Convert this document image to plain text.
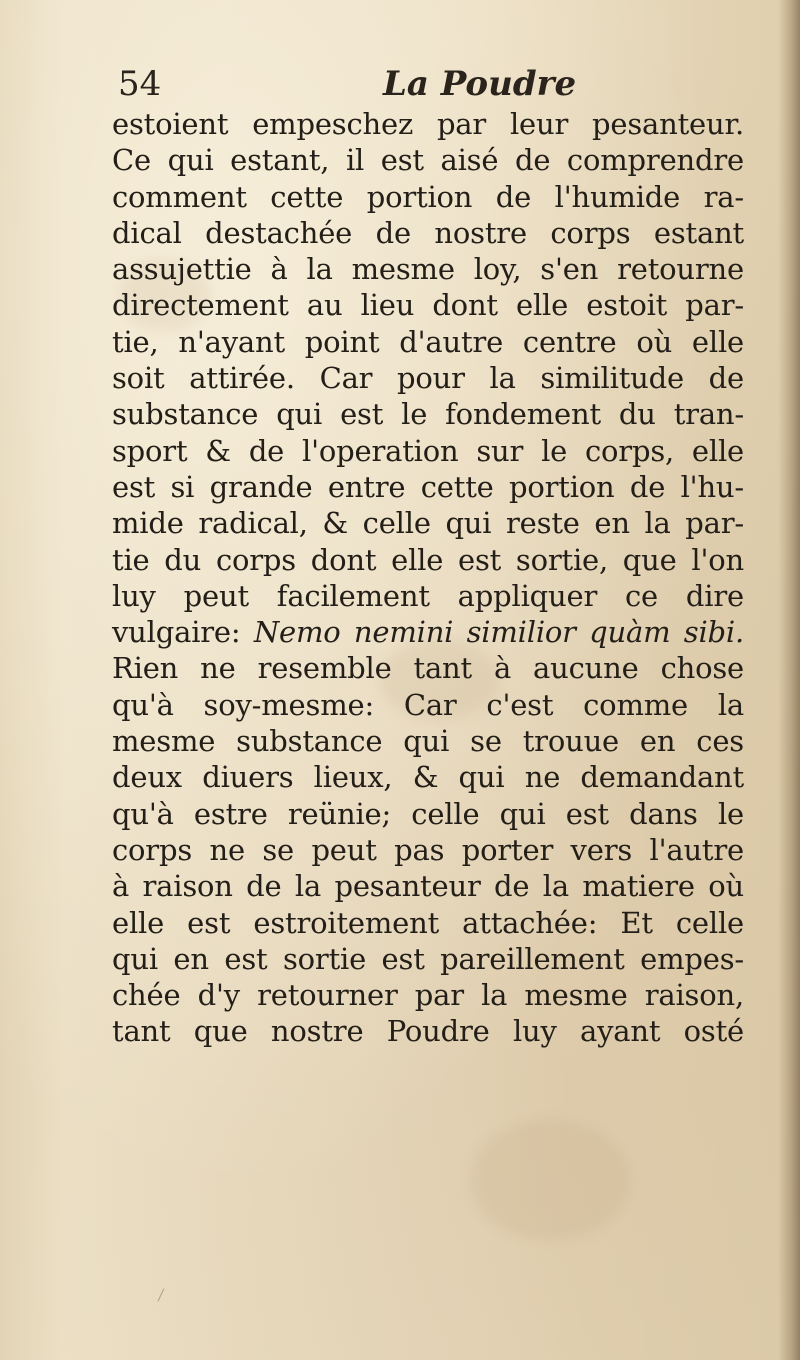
54	La Poudre
estoient empeschez par leur pesanteur.
Ce qui estant, il est aisé de comprendre
comment cette portion de l'humide ra-
dical destachée de nostre corps estant
assujettie à la mesme loy, s'en retourne
directement au lieu dont elle estoit par-
tie, n'ayant point d'autre centre où elle
soit attirée. Car pour la similitude de
substance qui est le fondement du tran-
sport & de l'operation sur le corps, elle
est si grande entre cette portion de l'hu-
mide radical, & celle qui reste en la par-
tie du corps dont elle est sortie, que l'on
luy peut facilement appliquer ce dire
vulgaire: Nemo nemini similior quàm sibi.
Rien ne resemble tant à aucune chose
qu'à soy-mesme: Car c'est comme la
mesme substance qui se trouue en ces
deux diuers lieux, & qui ne demandant
qu'à estre reünie; celle qui est dans le
corps ne se peut pas porter vers l'autre
à raison de la pesanteur de la matiere où
elle est estroitement attachée: Et celle
qui en est sortie est pareillement empes-
chée d'y retourner par la mesme raison,
tant que nostre Poudre luy ayant osté
